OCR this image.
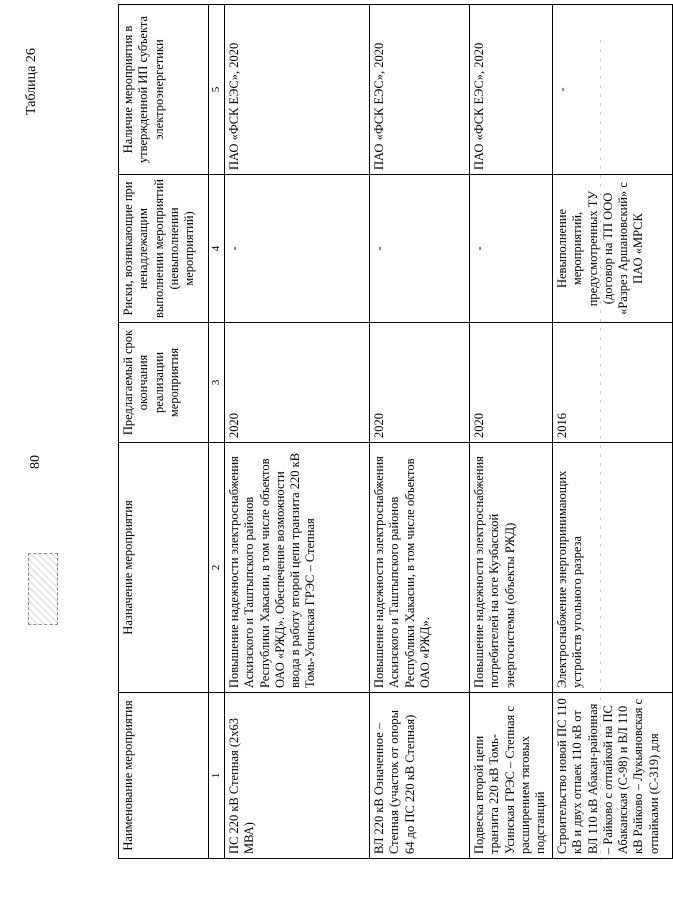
80
Таблица 26
Наименование мероприятия	Назначение мероприятия	Предлагаемый срок окончания реализации мероприятия	Риски, возникающие при ненадлежащим выполнении мероприятий (невыполнении мероприятий)	Наличие мероприятия в утвержденной ИП субъекта электроэнергетики
1	2	3	4	5
ПС 220 кВ Степная (2х63 МВА)	Повышение надежности электроснабжения Аскизского и Таштыпского районов Республики Хакасии, в том числе объектов ОАО «РЖД». Обеспечение возможности ввода в работу второй цепи транзита 220 кВ Томь-Усинская ГРЭС – Степная	2020	-	ПАО «ФСК ЕЭС», 2020
ВЛ 220 кВ Означенное – Степная (участок от опоры 64 до ПС 220 кВ Степная)	Повышение надежности электроснабжения Аскизского и Таштыпского районов Республики Хакасии, в том числе объектов ОАО «РЖД».	2020	-	ПАО «ФСК ЕЭС», 2020
Подвеска второй цепи транзита 220 кВ Томь-Усинская ГРЭС – Степная с расширением тяговых подстанций	Повышение надежности электроснабжения потребителей на юге Кузбасской энергосистемы (объекты РЖД)	2020	-	ПАО «ФСК ЕЭС», 2020
Строительство новой ПС 110 кВ и двух отпаек 110 кВ от ВЛ 110 кВ Абакан-районная – Райково с отпайкой на ПС Абаканская (С-98) и ВЛ 110 кВ Райково – Лукьяновская с отпайками (С-319) для	Электроснабжение энергопринимающих устройств угольного разреза	2016	Невыполнение мероприятий, предусмотренных ТУ (договор на ТП ООО «Разрез Аршановский» с ПАО «МРСК	-
